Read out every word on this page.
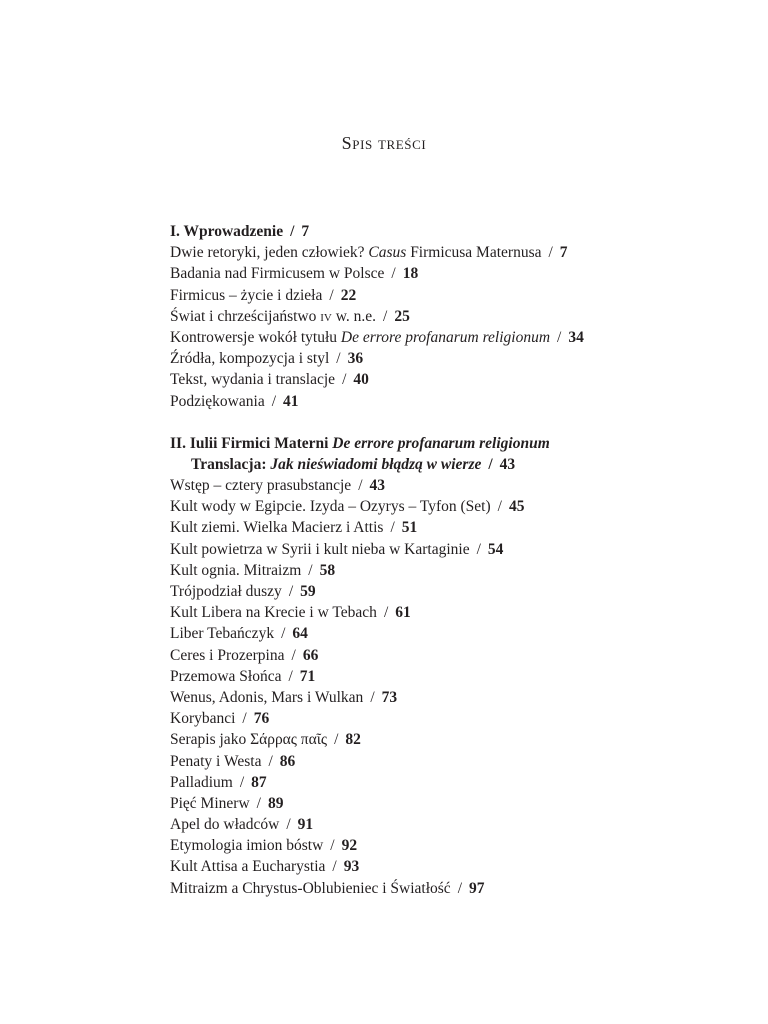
Spis treści
I. Wprowadzenie / 7
Dwie retoryki, jeden człowiek? Casus Firmicusa Maternusa / 7
Badania nad Firmicusem w Polsce / 18
Firmicus – życie i dzieła / 22
Świat i chrześcijaństwo iv w. n.e. / 25
Kontrowersje wokół tytułu De errore profanarum religionum / 34
Źródła, kompozycja i styl / 36
Tekst, wydania i translacje / 40
Podziękowania / 41
II. Iulii Firmici Materni De errore profanarum religionum
Translacja: Jak nieświadomi błądzą w wierze / 43
Wstęp – cztery prasubstancje / 43
Kult wody w Egipcie. Izyda – Ozyrys – Tyfon (Set) / 45
Kult ziemi. Wielka Macierz i Attis / 51
Kult powietrza w Syrii i kult nieba w Kartaginie / 54
Kult ognia. Mitraizm / 58
Trójpodział duszy / 59
Kult Libera na Krecie i w Tebach / 61
Liber Tebańczyk / 64
Ceres i Prozerpina / 66
Przemowa Słońca / 71
Wenus, Adonis, Mars i Wulkan / 73
Korybanci / 76
Serapis jako Σάρρας παῖς / 82
Penaty i Westa / 86
Palladium / 87
Pięć Minerw / 89
Apel do władców / 91
Etymologia imion bóstw / 92
Kult Attisa a Eucharystia / 93
Mitraizm a Chrystus-Oblubieniec i Światłość / 97
